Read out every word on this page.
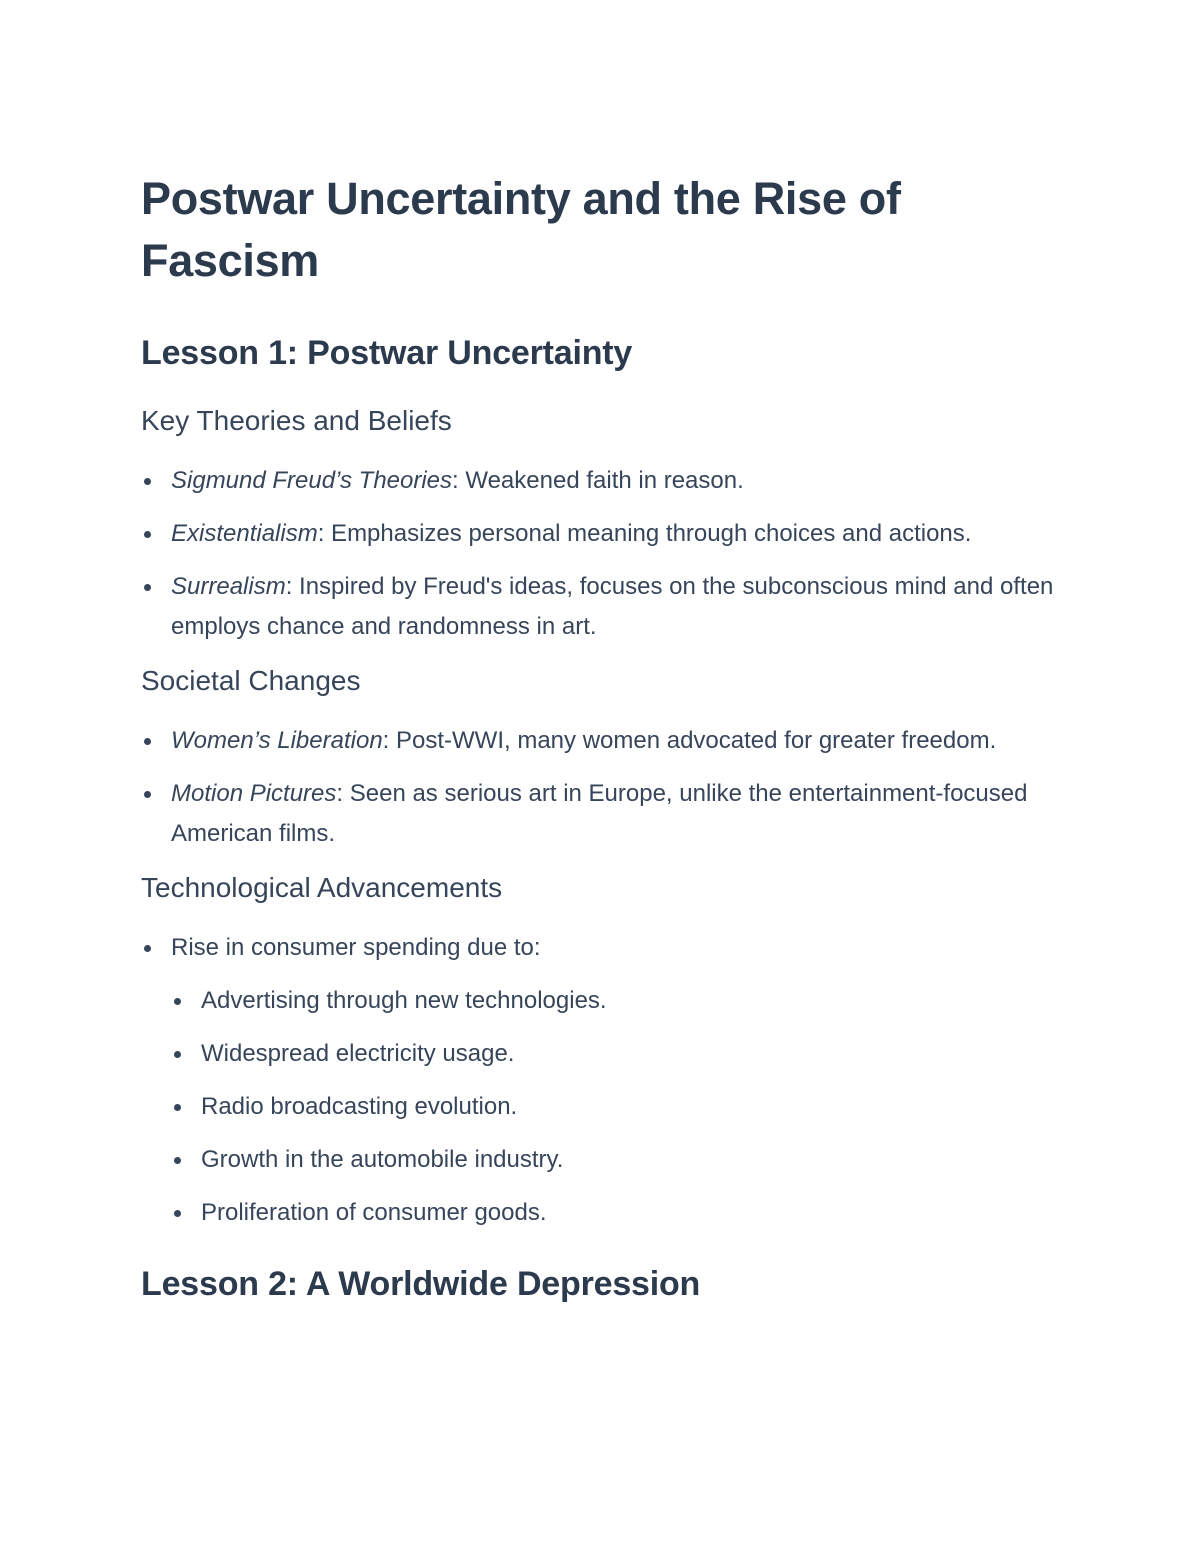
Postwar Uncertainty and the Rise of Fascism
Lesson 1: Postwar Uncertainty
Key Theories and Beliefs
Sigmund Freud’s Theories: Weakened faith in reason.
Existentialism: Emphasizes personal meaning through choices and actions.
Surrealism: Inspired by Freud's ideas, focuses on the subconscious mind and often employs chance and randomness in art.
Societal Changes
Women’s Liberation: Post-WWI, many women advocated for greater freedom.
Motion Pictures: Seen as serious art in Europe, unlike the entertainment-focused American films.
Technological Advancements
Rise in consumer spending due to:
Advertising through new technologies.
Widespread electricity usage.
Radio broadcasting evolution.
Growth in the automobile industry.
Proliferation of consumer goods.
Lesson 2: A Worldwide Depression
